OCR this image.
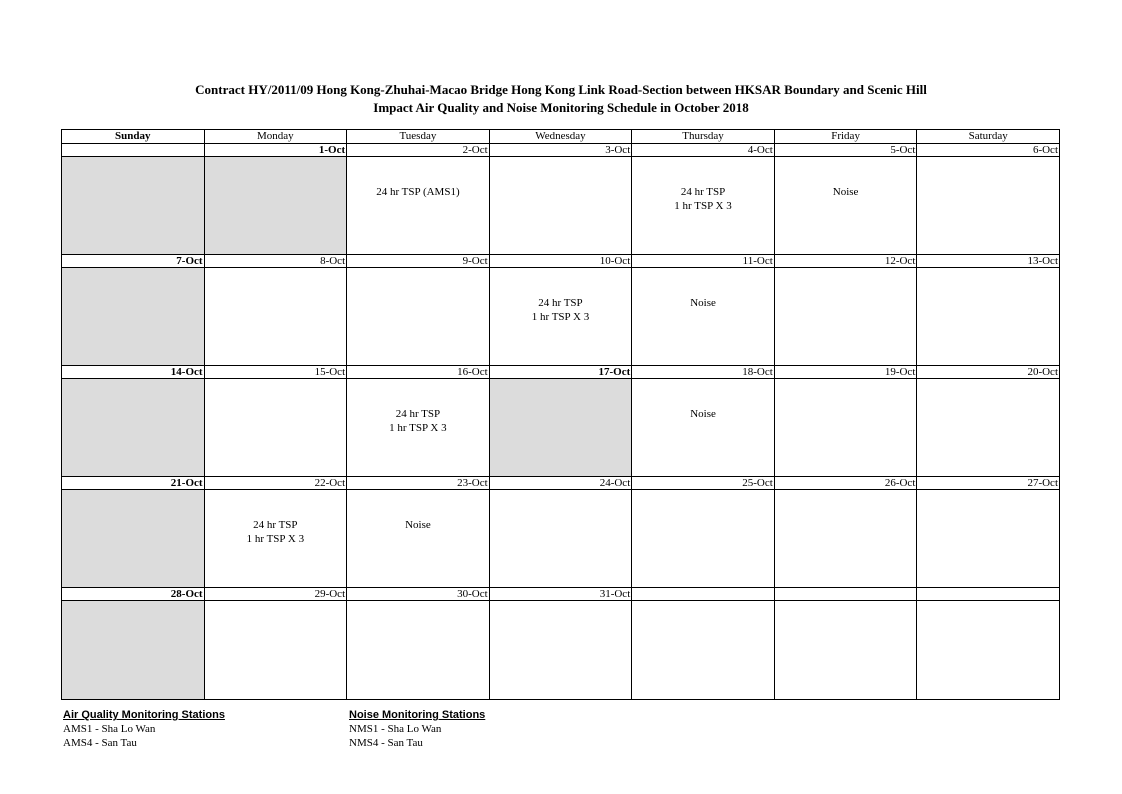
Contract HY/2011/09 Hong Kong-Zhuhai-Macao Bridge Hong Kong Link Road-Section between HKSAR Boundary and Scenic Hill
Impact Air Quality and Noise Monitoring Schedule in October 2018
Sunday	Monday	Tuesday	Wednesday	Thursday	Friday	Saturday
	1-Oct	2-Oct	3-Oct	4-Oct	5-Oct	6-Oct

		24 hr TSP (AMS1)		24 hr TSP
1 hr TSP X 3	Noise	

7-Oct	8-Oct	9-Oct	10-Oct	11-Oct	12-Oct	13-Oct

			24 hr TSP
1 hr TSP X 3	Noise		

14-Oct	15-Oct	16-Oct	17-Oct	18-Oct	19-Oct	20-Oct

		24 hr TSP
1 hr TSP X 3		Noise		

21-Oct	22-Oct	23-Oct	24-Oct	25-Oct	26-Oct	27-Oct

	24 hr TSP
1 hr TSP X 3	Noise				

28-Oct	29-Oct	30-Oct	31-Oct			

Air Quality Monitoring Stations
AMS1 - Sha Lo Wan
AMS4 - San Tau
Noise Monitoring Stations
NMS1 - Sha Lo Wan
NMS4 - San Tau
